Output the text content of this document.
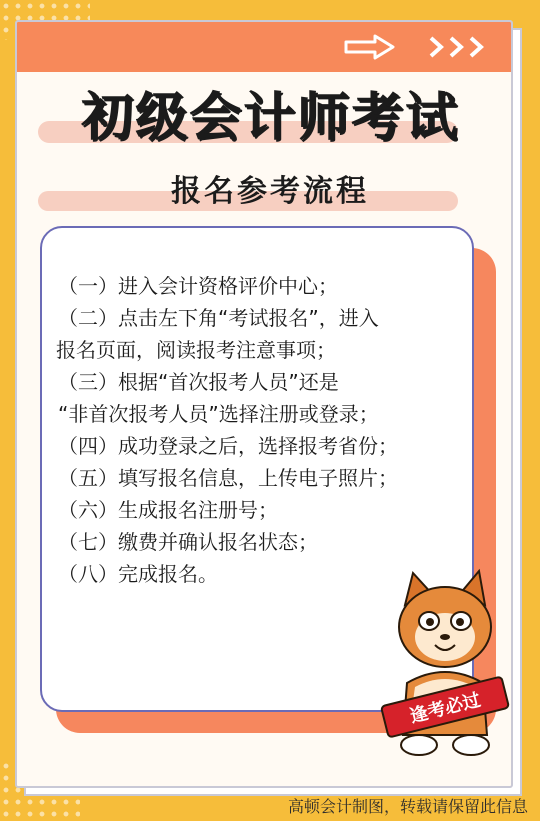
初级会计师考试
报名参考流程
（一）进入会计资格评价中心；
（二）点击左下角“考试报名”，进入
报名页面，阅读报考注意事项；
（三）根据“首次报考人员”还是
“非首次报考人员”选择注册或登录；
（四）成功登录之后，选择报考省份；
（五）填写报名信息，上传电子照片；
（六）生成报名注册号；
（七）缴费并确认报名状态；
（八）完成报名。
逢考必过
高顿会计制图，转载请保留此信息
